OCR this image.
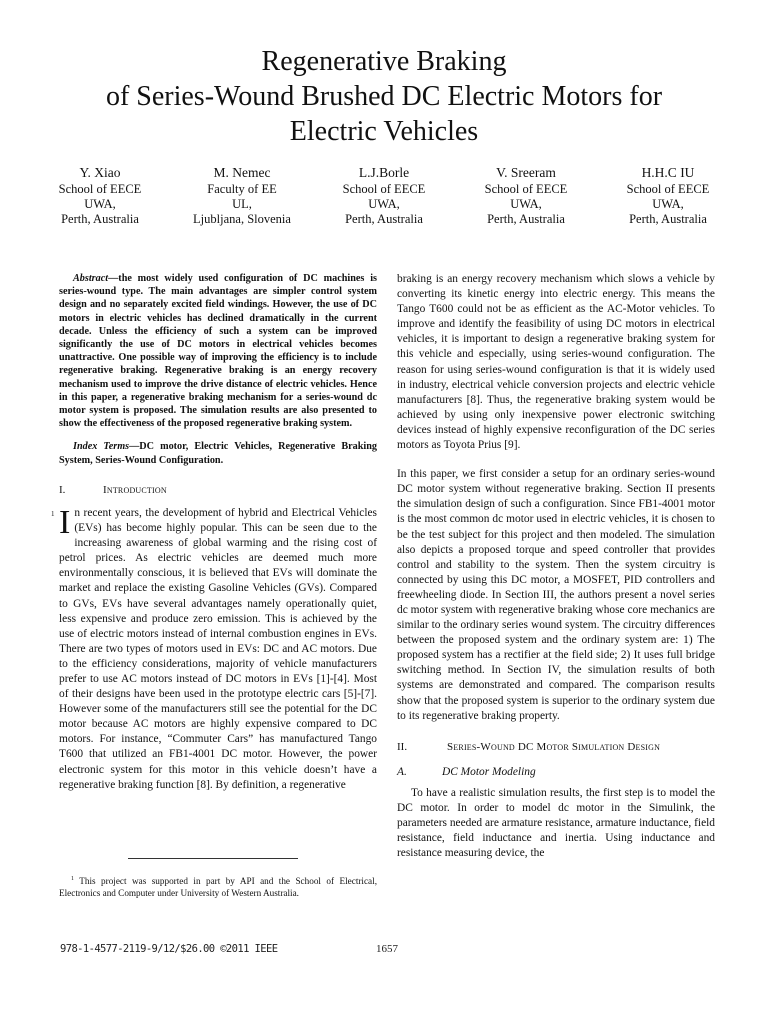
Regenerative Braking
of Series-Wound Brushed DC Electric Motors for
Electric Vehicles
Y. Xiao
School of EECE
UWA,
Perth, Australia
M. Nemec
Faculty of EE
UL,
Ljubljana, Slovenia
L.J.Borle
School of EECE
UWA,
Perth, Australia
V. Sreeram
School of EECE
UWA,
Perth, Australia
H.H.C IU
School of EECE
UWA,
Perth, Australia

Abstract—the most widely used configuration of DC machines is series-wound type. The main advantages are simpler control system design and no separately excited field windings. However, the use of DC motors in electric vehicles has declined dramatically in the current decade. Unless the efficiency of such a system can be improved significantly the use of DC motors in electrical vehicles becomes unattractive. One possible way of improving the efficiency is to include regenerative braking. Regenerative braking is an energy recovery mechanism used to improve the drive distance of electric vehicles. Hence in this paper, a regenerative braking mechanism for a series-wound dc motor system is proposed. The simulation results are also presented to show the effectiveness of the proposed regenerative braking system.

Index Terms—DC motor, Electric Vehicles, Regenerative Braking System, Series-Wound Configuration.

I.	Introduction

1 I n recent years, the development of hybrid and Electrical Vehicles (EVs) has become highly popular. This can be seen due to the increasing awareness of global warming and the rising cost of petrol prices. As electric vehicles are deemed much more environmentally conscious, it is believed that EVs will dominate the market and replace the existing Gasoline Vehicles (GVs). Compared to GVs, EVs have several advantages namely operationally quiet, less expensive and produce zero emission. This is achieved by the use of electric motors instead of internal combustion engines in EVs. There are two types of motors used in EVs: DC and AC motors. Due to the efficiency considerations, majority of vehicle manufacturers prefer to use AC motors instead of DC motors in EVs [1]-[4]. Most of their designs have been used in the prototype electric cars [5]-[7]. However some of the manufacturers still see the potential for the DC motor because AC motors are highly expensive compared to DC motors. For instance, “Commuter Cars” has manufactured Tango T600 that utilized an FB1-4001 DC motor. However, the power electronic system for this motor in this vehicle doesn’t have a regenerative braking function [8]. By definition, a regenerative

braking is an energy recovery mechanism which slows a vehicle by converting its kinetic energy into electric energy. This means the Tango T600 could not be as efficient as the AC-Motor vehicles. To improve and identify the feasibility of using DC motors in electrical vehicles, it is important to design a regenerative braking system for this vehicle and especially, using series-wound configuration. The reason for using series-wound configuration is that it is widely used in industry, electrical vehicle conversion projects and electric vehicle manufacturers [8]. Thus, the regenerative braking system would be achieved by using only inexpensive power electronic switching devices instead of highly expensive reconfiguration of the DC series motors as Toyota Prius [9].

In this paper, we first consider a setup for an ordinary series-wound DC motor system without regenerative braking. Section II presents the simulation design of such a configuration. Since FB1-4001 motor is the most common dc motor used in electric vehicles, it is chosen to be the test subject for this project and then modeled. The simulation also depicts a proposed torque and speed controller that provides control and stability to the system. Then the system circuitry is connected by using this DC motor, a MOSFET, PID controllers and freewheeling diode. In Section III, the authors present a novel series dc motor system with regenerative braking whose core mechanics are similar to the ordinary series wound system. The circuitry differences between the proposed system and the ordinary system are: 1) The proposed system has a rectifier at the field side; 2) It uses full bridge switching method. In Section IV, the simulation results of both systems are demonstrated and compared. The comparison results show that the proposed system is superior to the ordinary system due to its regenerative braking property.

II.	Series-Wound DC Motor Simulation Design
A.	DC Motor Modeling

To have a realistic simulation results, the first step is to model the DC motor. In order to model dc motor in the Simulink, the parameters needed are armature resistance, armature inductance, field resistance, field inductance and inertia. Using inductance and resistance measuring device, the

$^1$ This project was supported in part by API and the School of Electrical, Electronics and Computer under University of Western Australia.

978-1-4577-2119-9/12/$26.00 ©2011 IEEE	1657
